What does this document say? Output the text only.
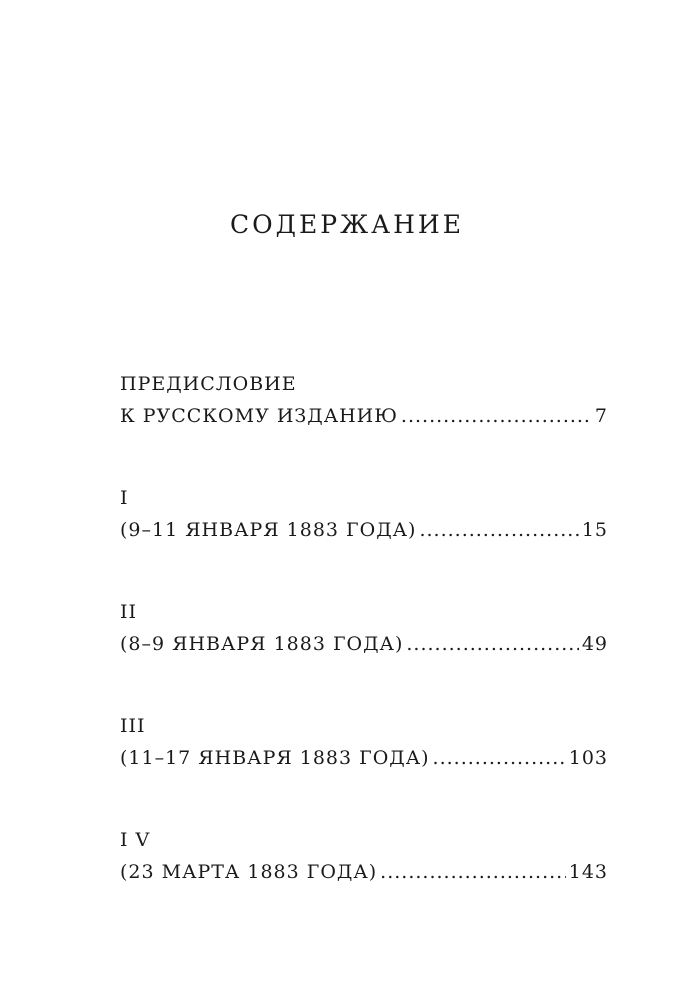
СОДЕРЖАНИЕ
ПРЕДИСЛОВИЕ
К РУССКОМУ ИЗДАНИЮ .....	7
I
(9–11 ЯНВАРЯ 1883 ГОДА) .....	15
II
(8–9 ЯНВАРЯ 1883 ГОДА) .....	49
III
(11–17 ЯНВАРЯ 1883 ГОДА) .....	103
I V
(23 МАРТА 1883 ГОДА) .....	143
